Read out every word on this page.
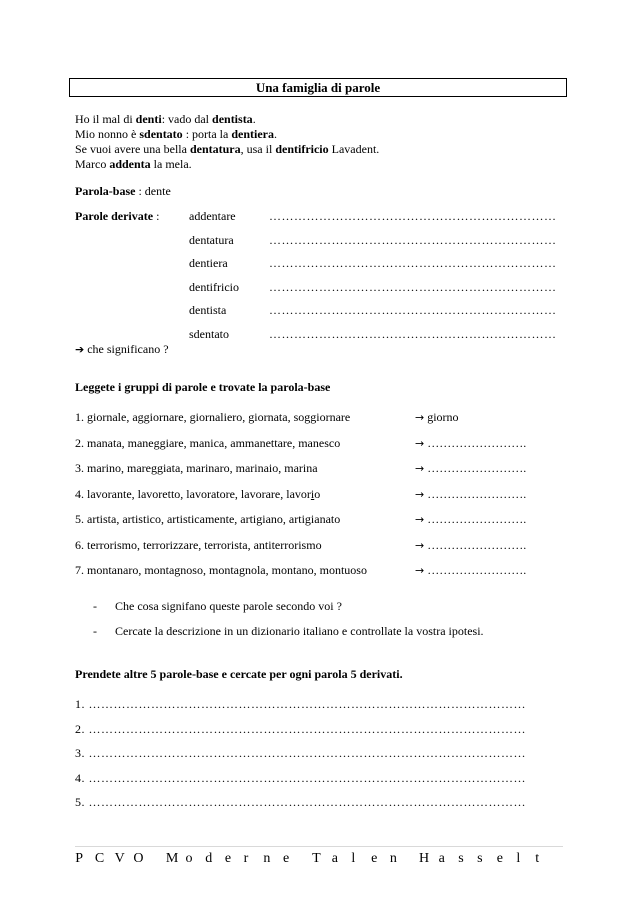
Una famiglia di parole
Ho il mal di denti: vado dal dentista.
Mio nonno è sdentato : porta la dentiera.
Se vuoi avere una bella dentatura, usa il dentifricio Lavadent.
Marco addenta la mela.
Parola-base : dente
Parole derivate : addentare	……………………………………………………………
dentatura	……………………………………………………………
dentiera	……………………………………………………………
dentifricio	……………………………………………………………
dentista	……………………………………………………………
sdentato	……………………………………………………………
➔ che significano ?
Leggete i gruppi di parole e trovate la parola-base
1. giornale, aggiornare, giornaliero, giornata, soggiornare	→ giorno
2. manata, maneggiare, manica, ammanettare, manesco	→ …………………….
3. marino, mareggiata, marinaro, marinaio, marina	→ …………………….
4. lavorante, lavoretto, lavoratore, lavorare, lavorio	→ …………………….
5. artista, artistico, artisticamente, artigiano, artigianato	→ …………………….
6. terrorismo, terrorizzare, terrorista, antiterrorismo	→ …………………….
7. montanaro, montagnoso, montagnola, montano, montuoso	→ …………………….
- Che cosa signifano queste parole secondo voi ?
- Cercate la descrizione in un dizionario italiano e controllate la vostra ipotesi.
Prendete altre 5 parole-base e cercate per ogni parola 5 derivati.
1. ……………………………………………………………………………………………
2. ……………………………………………………………………………………………
3. ……………………………………………………………………………………………
4. ……………………………………………………………………………………………
5. ……………………………………………………………………………………………
P C V O M o d e r n e T a l e n H a s s e l t
